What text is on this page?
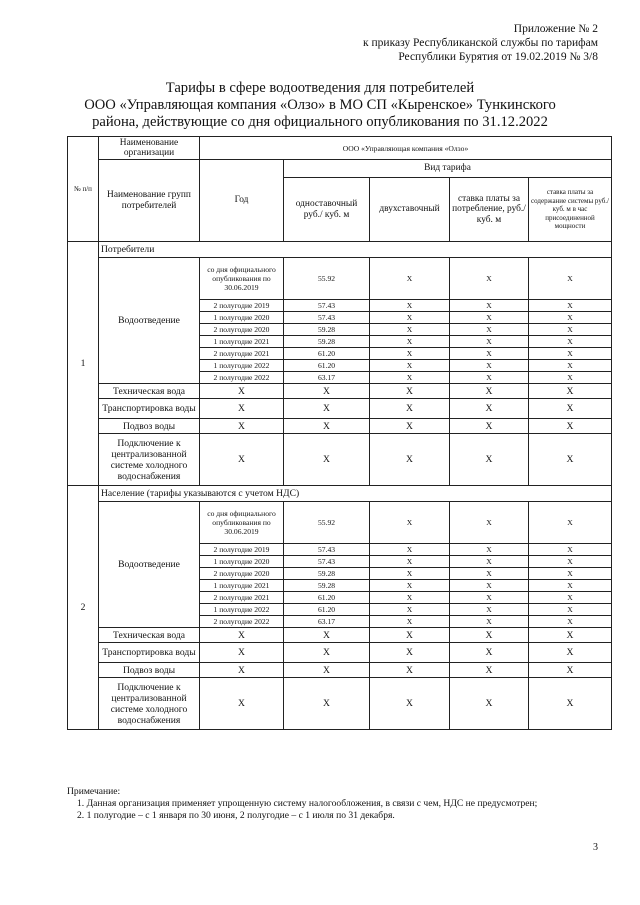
Приложение № 2
к приказу Республиканской службы по тарифам
Республики Бурятия от 19.02.2019 № 3/8
Тарифы в сфере водоотведения для потребителей
ООО «Управляющая компания «Олзо» в МО СП «Кыренское» Тункинского
района, действующие со дня официального опубликования по 31.12.2022
№ п/п	Наименование организации	ООО «Управляющая компания «Олзо»				
	Наименование групп потребителей	Год	Вид тарифа			
			одноставочный руб./ куб. м	двухставочный	ставка платы за потребление, руб./ куб. м	ставка платы за содержание системы руб./куб. м в час присоединенной мощности
1	Потребители					
	Водоотведение	со дня официального опубликования по 30.06.2019	55.92	X	X	X
		2 полугодие 2019	57.43	X	X	X
		1 полугодие 2020	57.43	X	X	X
		2 полугодие 2020	59.28	X	X	X
		1 полугодие 2021	59.28	X	X	X
		2 полугодие 2021	61.20	X	X	X
		1 полугодие 2022	61.20	X	X	X
		2 полугодие 2022	63.17	X	X	X
	Техническая вода	X	X	X	X	X
	Транспортировка воды	X	X	X	X	X
	Подвоз воды	X	X	X	X	X
	Подключение к централизованной системе холодного водоснабжения	X	X	X	X	X
2	Население (тарифы указываются с учетом НДС)					
	Водоотведение	со дня официального опубликования по 30.06.2019	55.92	X	X	X
		2 полугодие 2019	57.43	X	X	X
		1 полугодие 2020	57.43	X	X	X
		2 полугодие 2020	59.28	X	X	X
		1 полугодие 2021	59.28	X	X	X
		2 полугодие 2021	61.20	X	X	X
		1 полугодие 2022	61.20	X	X	X
		2 полугодие 2022	63.17	X	X	X
	Техническая вода	X	X	X	X	X
	Транспортировка воды	X	X	X	X	X
	Подвоз воды	X	X	X	X	X
	Подключение к централизованной системе холодного водоснабжения	X	X	X	X	X
Примечание:

1. Данная организация применяет упрощенную систему налогообложения, в связи с чем, НДС не предусмотрен;

2. 1 полугодие – с 1 января по 30 июня, 2 полугодие – с 1 июля по 31 декабря.

3
